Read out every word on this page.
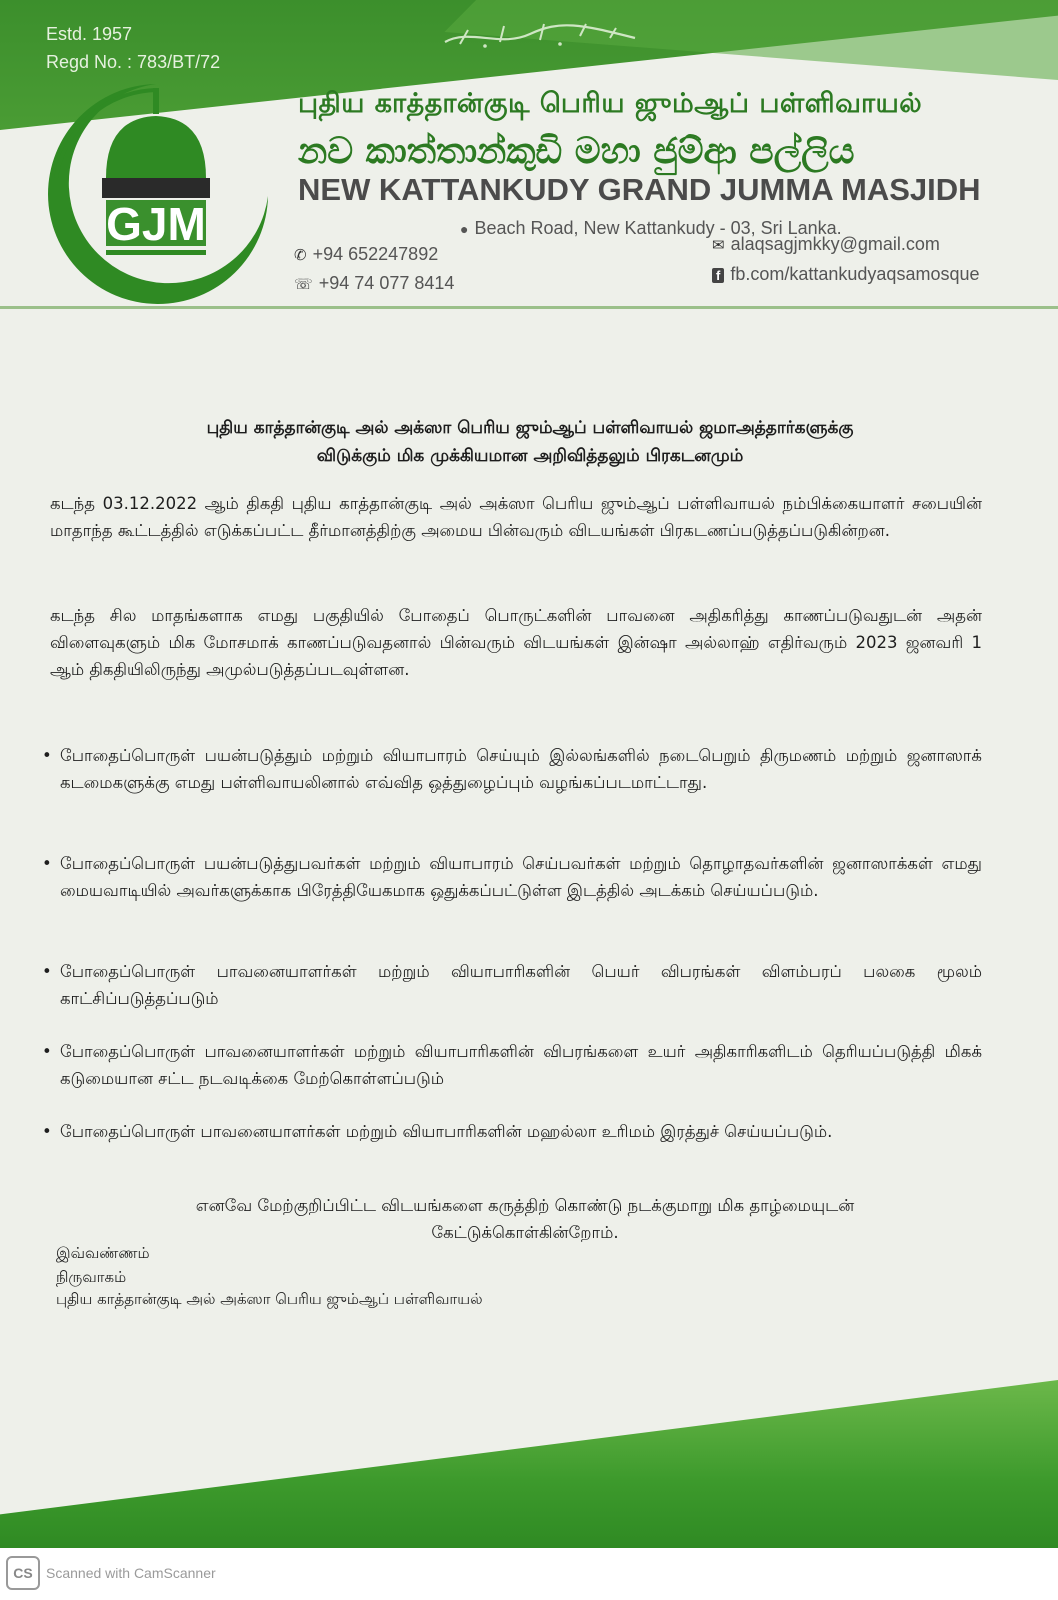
Estd. 1957
Regd No. : 783/BT/72
GJM
புதிய காத்தான்குடி பெரிய ஜும்ஆப் பள்ளிவாயல்
නව කාත්තාන්කුඩි මහා ජුම්ආ පල්ලිය
NEW KATTANKUDY GRAND JUMMA MASJIDH
● Beach Road, New Kattankudy - 03, Sri Lanka.
✆ +94 652247892
☏ +94 74 077 8414
✉ alaqsagjmkky@gmail.com
f fb.com/kattankudyaqsamosque
புதிய காத்தான்குடி அல் அக்ஸா பெரிய ஜும்ஆப் பள்ளிவாயல் ஜமாஅத்தார்களுக்கு
விடுக்கும் மிக முக்கியமான அறிவித்தலும் பிரகடனமும்
கடந்த 03.12.2022 ஆம் திகதி புதிய காத்தான்குடி அல் அக்ஸா பெரிய ஜும்ஆப் பள்ளிவாயல் நம்பிக்கையாளர் சபையின் மாதாந்த கூட்டத்தில் எடுக்கப்பட்ட தீர்மானத்திற்கு அமைய பின்வரும் விடயங்கள் பிரகடணப்படுத்தப்படுகின்றன.
கடந்த சில மாதங்களாக எமது பகுதியில் போதைப் பொருட்களின் பாவனை அதிகரித்து காணப்படுவதுடன் அதன் விளைவுகளும் மிக மோசமாக் காணப்படுவதனால் பின்வரும் விடயங்கள் இன்ஷா அல்லாஹ் எதிர்வரும் 2023 ஜனவரி 1 ஆம் திகதியிலிருந்து அமுல்படுத்தப்படவுள்ளன.
• போதைப்பொருள் பயன்படுத்தும் மற்றும் வியாபாரம் செய்யும் இல்லங்களில் நடைபெறும் திருமணம் மற்றும் ஜனாஸாக் கடமைகளுக்கு எமது பள்ளிவாயலினால் எவ்வித ஒத்துழைப்பும் வழங்கப்படமாட்டாது.
• போதைப்பொருள் பயன்படுத்துபவர்கள் மற்றும் வியாபாரம் செய்பவர்கள் மற்றும் தொழாதவர்களின் ஜனாஸாக்கள் எமது மையவாடியில் அவர்களுக்காக பிரேத்தியேகமாக ஒதுக்கப்பட்டுள்ள இடத்தில் அடக்கம் செய்யப்படும்.
• போதைப்பொருள் பாவனையாளர்கள் மற்றும் வியாபாரிகளின் பெயர் விபரங்கள் விளம்பரப் பலகை மூலம் காட்சிப்படுத்தப்படும்
• போதைப்பொருள் பாவனையாளர்கள் மற்றும் வியாபாரிகளின் விபரங்களை உயர் அதிகாரிகளிடம் தெரியப்படுத்தி மிகக் கடுமையான சட்ட நடவடிக்கை மேற்கொள்ளப்படும்
• போதைப்பொருள் பாவனையாளர்கள் மற்றும் வியாபாரிகளின் மஹல்லா உரிமம் இரத்துச் செய்யப்படும்.
எனவே மேற்குறிப்பிட்ட விடயங்களை கருத்திற் கொண்டு நடக்குமாறு மிக தாழ்மையுடன்
கேட்டுக்கொள்கின்றோம்.
இவ்வண்ணம்
நிருவாகம்
புதிய காத்தான்குடி அல் அக்ஸா பெரிய ஜும்ஆப் பள்ளிவாயல்
CS Scanned with CamScanner
